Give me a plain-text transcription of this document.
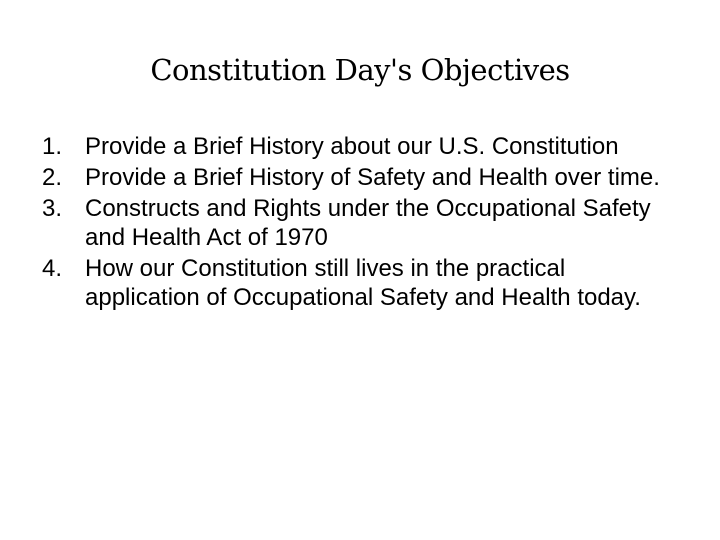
Constitution Day's Objectives
1. Provide a Brief History about our U.S. Constitution
2. Provide a Brief History of Safety and Health over time.
3. Constructs and Rights under the Occupational Safety and Health Act of 1970
4. How our Constitution still lives in the practical application of Occupational Safety and Health today.
